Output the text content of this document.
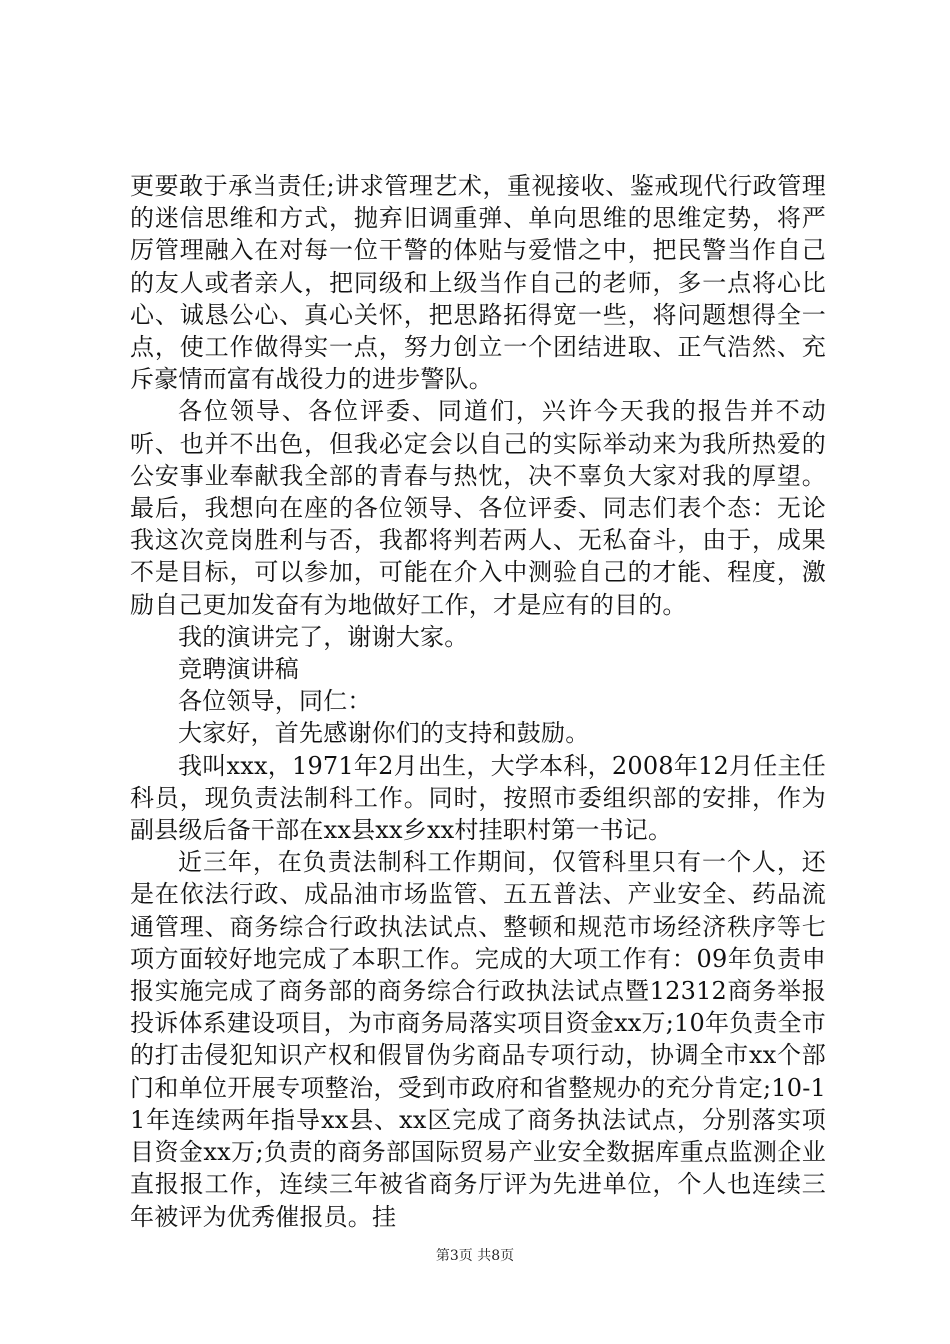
更要敢于承当责任;讲求管理艺术，重视接收、鉴戒现代行政管理的迷信思维和方式，抛弃旧调重弹、单向思维的思维定势，将严厉管理融入在对每一位干警的体贴与爱惜之中，把民警当作自己的友人或者亲人，把同级和上级当作自己的老师，多一点将心比心、诚恳公心、真心关怀，把思路拓得宽一些，将问题想得全一点，使工作做得实一点，努力创立一个团结进取、正气浩然、充斥豪情而富有战役力的进步警队。

各位领导、各位评委、同道们，兴许今天我的报告并不动听、也并不出色，但我必定会以自己的实际举动来为我所热爱的公安事业奉献我全部的青春与热忱，决不辜负大家对我的厚望。最后，我想向在座的各位领导、各位评委、同志们表个态：无论我这次竞岗胜利与否，我都将判若两人、无私奋斗，由于，成果不是目标，可以参加，可能在介入中测验自己的才能、程度，激励自己更加发奋有为地做好工作，才是应有的目的。

我的演讲完了，谢谢大家。

竞聘演讲稿

各位领导，同仁：

大家好，首先感谢你们的支持和鼓励。

我叫xxx，1971年2月出生，大学本科，2008年12月任主任科员，现负责法制科工作。同时，按照市委组织部的安排，作为副县级后备干部在xx县xx乡xx村挂职村第一书记。

近三年，在负责法制科工作期间，仅管科里只有一个人，还是在依法行政、成品油市场监管、五五普法、产业安全、药品流通管理、商务综合行政执法试点、整顿和规范市场经济秩序等七项方面较好地完成了本职工作。完成的大项工作有：09年负责申报实施完成了商务部的商务综合行政执法试点暨12312商务举报投诉体系建设项目，为市商务局落实项目资金xx万;10年负责全市的打击侵犯知识产权和假冒伪劣商品专项行动，协调全市xx个部门和单位开展专项整治，受到市政府和省整规办的充分肯定;10-11年连续两年指导xx县、xx区完成了商务执法试点，分别落实项目资金xx万;负责的商务部国际贸易产业安全数据库重点监测企业直报报工作，连续三年被省商务厅评为先进单位，个人也连续三年被评为优秀催报员。挂

第3页 共8页
